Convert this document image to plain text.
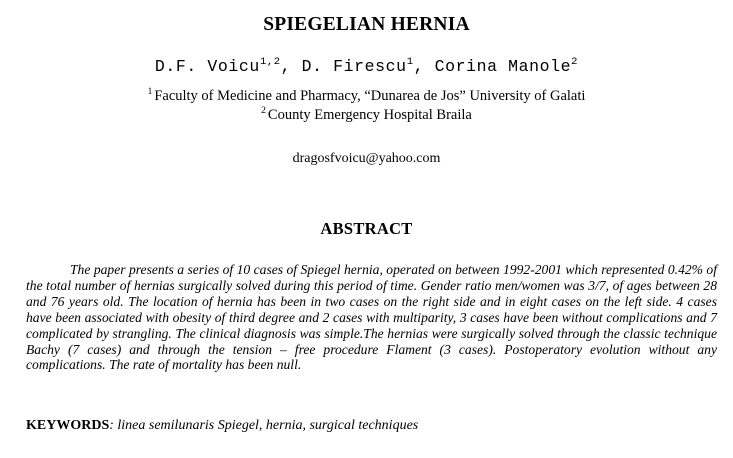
SPIEGELIAN HERNIA
D.F. Voicu$^{1,2}$, D. Firescu$^1$, Corina Manole$^2$
$^1$ Faculty of Medicine and Pharmacy, “Dunarea de Jos” University of Galati
$^2$ County Emergency Hospital Braila
dragosfvoicu@yahoo.com
ABSTRACT

The paper presents a series of 10 cases of Spiegel hernia, operated on between 1992-2001 which represented 0.42% of the total number of hernias surgically solved during this period of time. Gender ratio men/women was 3/7, of ages between 28 and 76 years old. The location of hernia has been in two cases on the right side and in eight cases on the left side. 4 cases have been associated with obesity of third degree and 2 cases with multiparity, 3 cases have been without complications and 7 complicated by strangling. The clinical diagnosis was simple.The hernias were surgically solved through the classic technique Bachy (7 cases) and through the tension – free procedure Flament (3 cases). Postoperatory evolution without any complications. The rate of mortality has been null.

KEYWORDS: linea semilunaris Spiegel, hernia, surgical techniques
